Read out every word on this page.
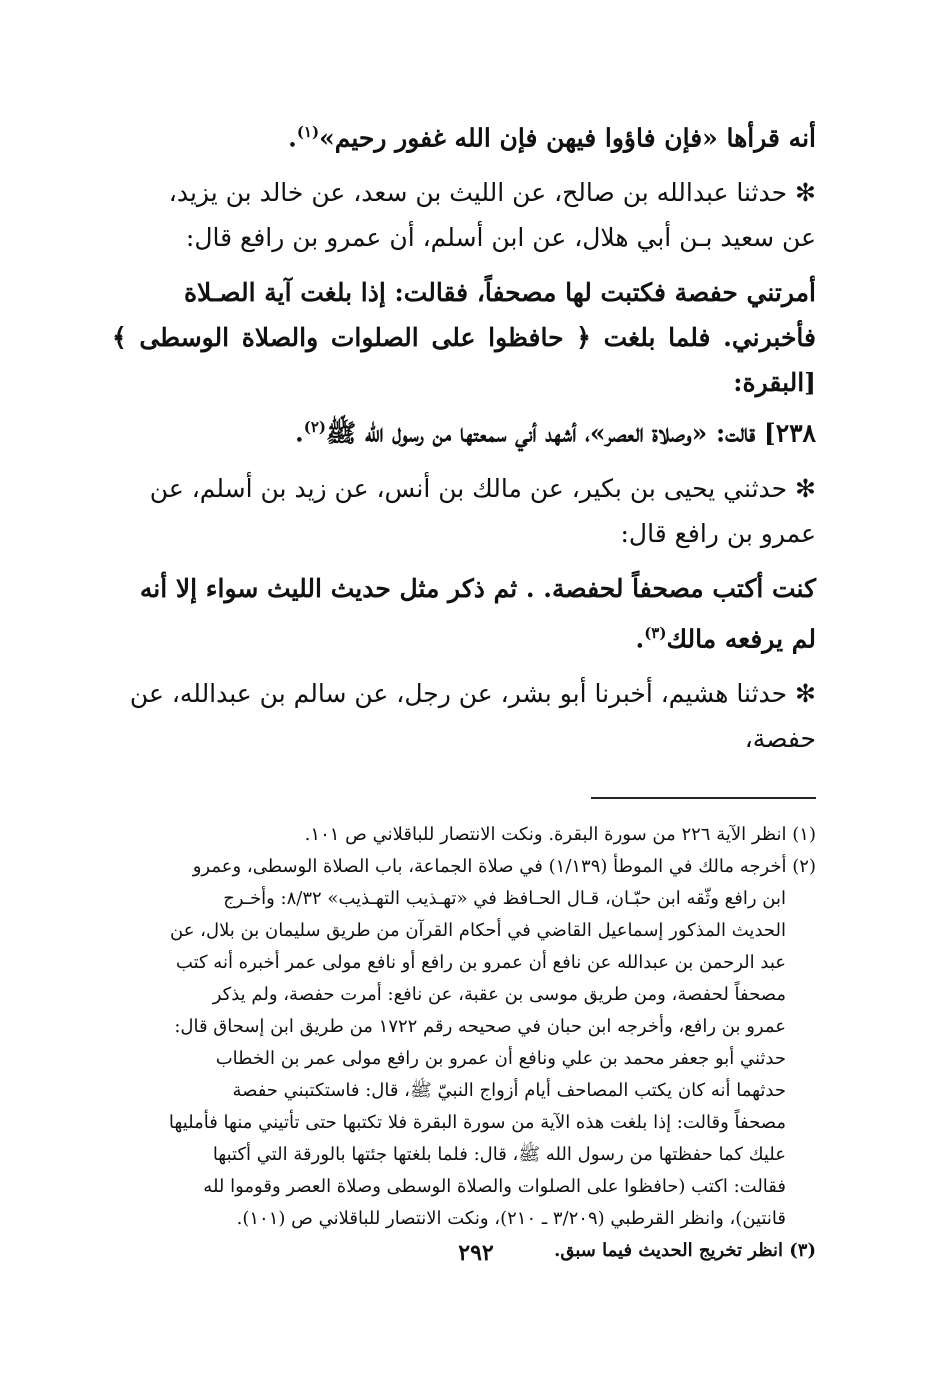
أنه قرأها «فإن فاؤوا فيهن فإن الله غفور رحيم»$^{(١)}$.

✻ حدثنا عبدالله بن صالح، عن الليث بن سعد، عن خالد بن يزيد،

عن سعيد بـن أبي هلال، عن ابن أسلم، أن عمرو بن رافع قال:

أمرتني حفصة فكتبت لها مصحفاً، فقالت: إذا بلغت آية الصـلاة

فأخبرني. فلما بلغت ﴿ حافظوا على الصلوات والصلاة الوسطى ﴾ [البقرة:

٢٣٨] قالت: «وصلاة العصر»، أشهد أني سمعتها من رسول الله ﷺ$^{(٢)}$.

✻ حدثني يحيى بن بكير، عن مالك بن أنس، عن زيد بن أسلم، عن

عمرو بن رافع قال:

كنت أكتب مصحفاً لحفصة. . ثم ذكر مثل حديث الليث سواء إلا أنه

لم يرفعه مالك$^{(٣)}$.

✻ حدثنا هشيم، أخبرنا أبو بشر، عن رجل، عن سالم بن عبدالله، عن

حفصة،

(١) انظر الآية ٢٢٦ من سورة البقرة. ونكت الانتصار للباقلاني ص ١٠١.

(٢) أخرجه مالك في الموطأ (١/١٣٩) في صلاة الجماعة، باب الصلاة الوسطى، وعمرو

ابن رافع وثّقه ابن حبّـان، قـال الحـافظ في «تهـذيب التهـذيب» ٨/٣٢: وأخـرج

الحديث المذكور إسماعيل القاضي في أحكام القرآن من طريق سليمان بن بلال، عن

عبد الرحمن بن عبدالله عن نافع أن عمرو بن رافع أو نافع مولى عمر أخبره أنه كتب

مصحفاً لحفصة، ومن طريق موسى بن عقبة، عن نافع: أمرت حفصة، ولم يذكر

عمرو بن رافع، وأخرجه ابن حبان في صحيحه رقم ١٧٢٢ من طريق ابن إسحاق قال:

حدثني أبو جعفر محمد بن علي ونافع أن عمرو بن رافع مولى عمر بن الخطاب

حدثهما أنه كان يكتب المصاحف أيام أزواج النبيّ ﷺ، قال: فاستكتبني حفصة

مصحفاً وقالت: إذا بلغت هذه الآية من سورة البقرة فلا تكتبها حتى تأتيني منها فأمليها

عليك كما حفظتها من رسول الله ﷺ، قال: فلما بلغتها جئتها بالورقة التي أكتبها

فقالت: اكتب (حافظوا على الصلوات والصلاة الوسطى وصلاة العصر وقوموا لله

قانتين)، وانظر القرطبي (٣/٢٠٩ ـ ٢١٠)، ونكت الانتصار للباقلاني ص (١٠١).

(٣) انظر تخريج الحديث فيما سبق.

٢٩٢
